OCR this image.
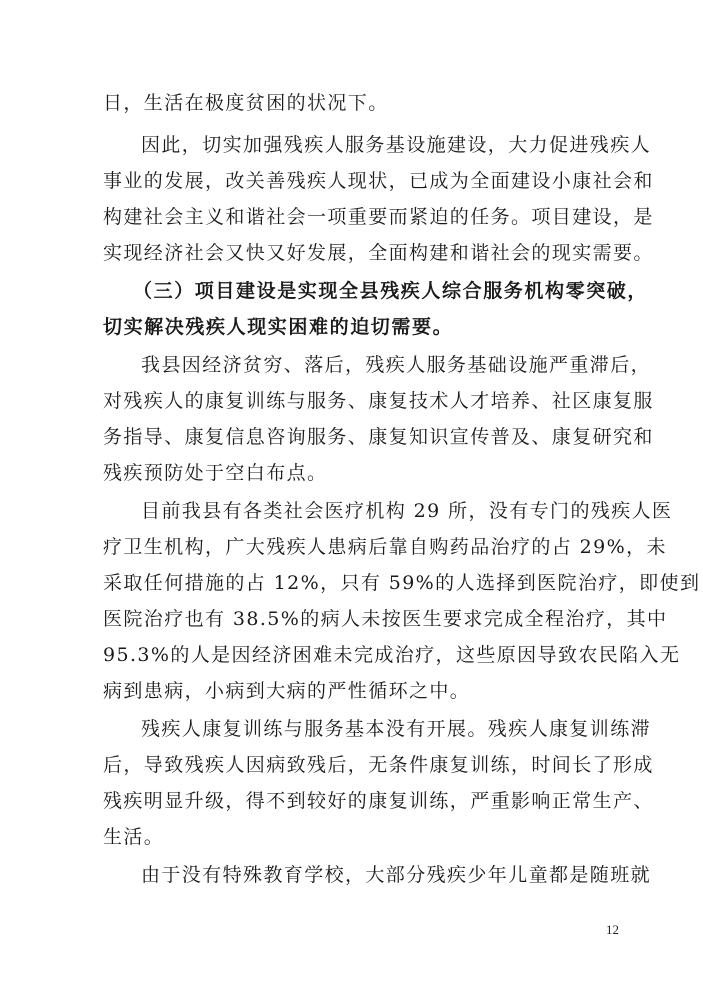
日，生活在极度贫困的状况下。
因此，切实加强残疾人服务基设施建设，大力促进残疾人
事业的发展，改关善残疾人现状，已成为全面建设小康社会和
构建社会主义和谐社会一项重要而紧迫的任务。项目建设，是
实现经济社会又快又好发展，全面构建和谐社会的现实需要。
（三）项目建设是实现全县残疾人综合服务机构零突破，
切实解决残疾人现实困难的迫切需要。
我县因经济贫穷、落后，残疾人服务基础设施严重滞后，
对残疾人的康复训练与服务、康复技术人才培养、社区康复服
务指导、康复信息咨询服务、康复知识宣传普及、康复研究和
残疾预防处于空白布点。
目前我县有各类社会医疗机构 29 所，没有专门的残疾人医
疗卫生机构，广大残疾人患病后靠自购药品治疗的占 29%，未
采取任何措施的占 12%，只有 59%的人选择到医院治疗，即使到
医院治疗也有 38.5%的病人未按医生要求完成全程治疗，其中
95.3%的人是因经济困难未完成治疗，这些原因导致农民陷入无
病到患病，小病到大病的严性循环之中。
残疾人康复训练与服务基本没有开展。残疾人康复训练滞
后，导致残疾人因病致残后，无条件康复训练，时间长了形成
残疾明显升级，得不到较好的康复训练，严重影响正常生产、
生活。
由于没有特殊教育学校，大部分残疾少年儿童都是随班就
12
